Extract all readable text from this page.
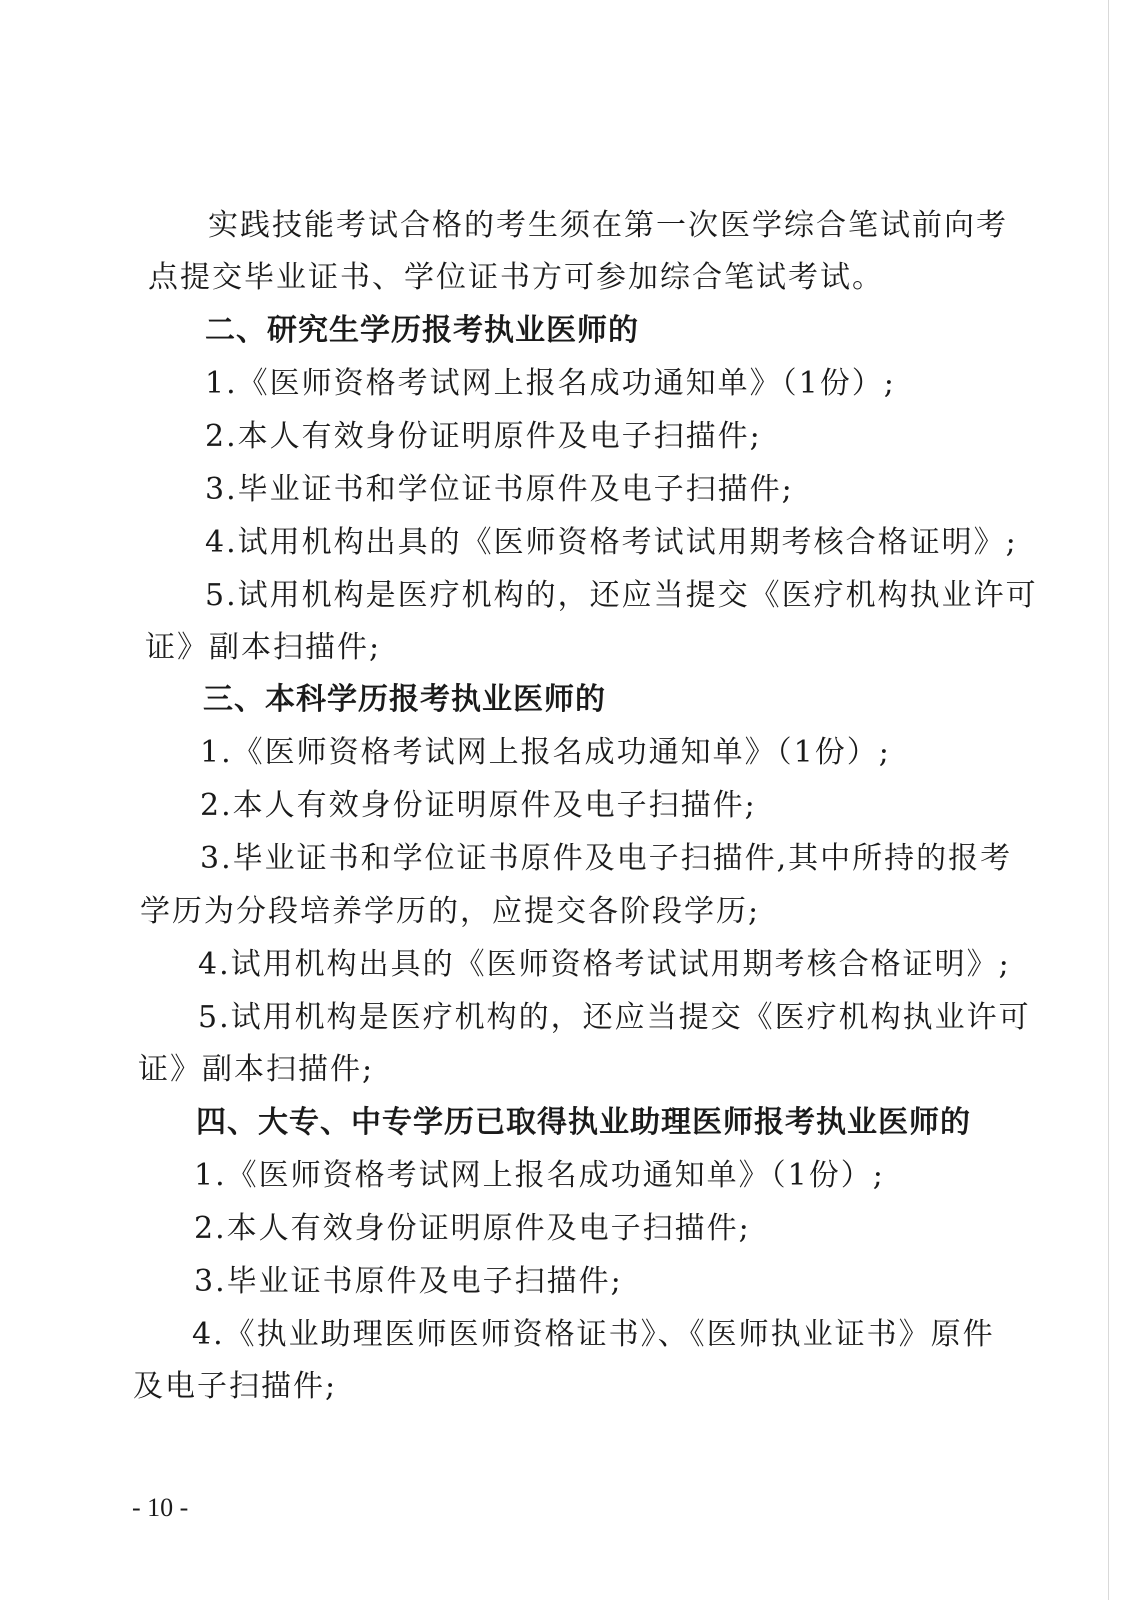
实践技能考试合格的考生须在第一次医学综合笔试前向考
点提交毕业证书、学位证书方可参加综合笔试考试。
二、研究生学历报考执业医师的
1.《医师资格考试网上报名成功通知单》（1份）;
2.本人有效身份证明原件及电子扫描件;
3.毕业证书和学位证书原件及电子扫描件;
4.试用机构出具的《医师资格考试试用期考核合格证明》;
5.试用机构是医疗机构的，还应当提交《医疗机构执业许可
证》副本扫描件;
三、本科学历报考执业医师的
1.《医师资格考试网上报名成功通知单》（1份）;
2.本人有效身份证明原件及电子扫描件;
3.毕业证书和学位证书原件及电子扫描件,其中所持的报考
学历为分段培养学历的，应提交各阶段学历;
4.试用机构出具的《医师资格考试试用期考核合格证明》;
5.试用机构是医疗机构的，还应当提交《医疗机构执业许可
证》副本扫描件;
四、大专、中专学历已取得执业助理医师报考执业医师的
1.《医师资格考试网上报名成功通知单》（1份）;
2.本人有效身份证明原件及电子扫描件;
3.毕业证书原件及电子扫描件;
4.《执业助理医师医师资格证书》、《医师执业证书》原件
及电子扫描件;
- 10 -
